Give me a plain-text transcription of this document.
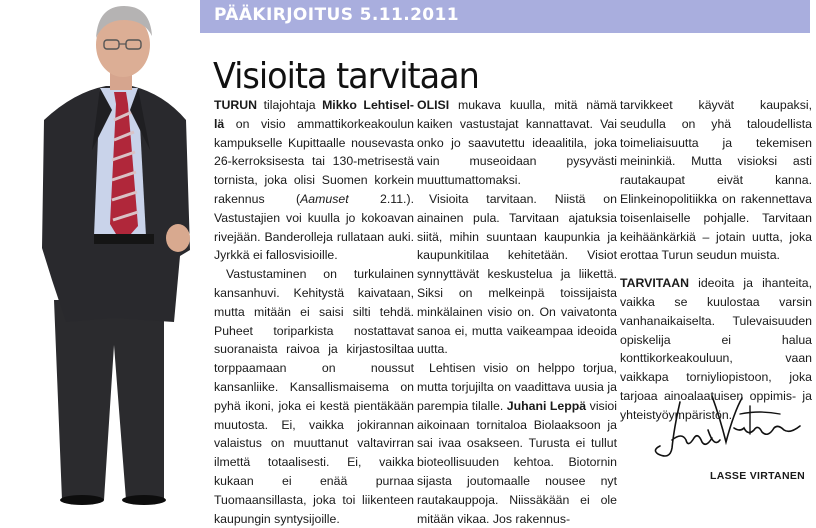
PÄÄKIRJOITUS 5.11.2011
Visioita tarvitaan

TURUN tilajohtaja Mikko Lehtisel-lä on visio ammattikorkeakoulun kampukselle Kupittaalle nousevasta 26-kerroksisesta tai 130-metrisestä tornista, joka olisi Suomen korkein rakennus (Aamuset 2.11.). Vastustajien voi kuulla jo kokoavan rivejään. Banderolleja rullataan auki. Jyrkkä ei fallosvisioille.

Vastustaminen on turkulainen kansanhuvi. Kehitystä kaivataan, mutta mitään ei saisi silti tehdä. Puheet toriparkista nostattavat suoranaista raivoa ja kirjastosiltaa torppaamaan on noussut kansanliike. Kansallismaisema on pyhä ikoni, joka ei kestä pientäkään muutosta. Ei, vaikka jokirannan valaistus on muuttanut valtavirran ilmettä totaalisesti. Ei, vaikka kukaan ei enää purnaa Tuomaansillasta, joka toi liikenteen kaupungin syntysijoille.

OLISI mukava kuulla, mitä nämä kaiken vastustajat kannattavat. Vai onko jo saavutettu ideaalitila, joka vain museoidaan pysyvästi muuttumattomaksi.

Visioita tarvitaan. Niistä on ainainen pula. Tarvitaan ajatuksia siitä, mihin suuntaan kaupunkia ja kaupunkitilaa kehitetään. Visiot synnyttävät keskustelua ja liikettä. Siksi on melkeinpä toissijaista minkälainen visio on. On vaivatonta sanoa ei, mutta vaikeampaa ideoida uutta.

Lehtisen visio on helppo torjua, mutta torjujilta on vaadittava uusia ja parempia tilalle. Juhani Leppä visioi aikoinaan tornitaloa Biolaaksoon ja sai ivaa osakseen. Turusta ei tullut bioteollisuuden kehtoa. Biotornin sijasta joutomaalle nousee nyt rautakauppoja. Niissäkään ei ole mitään vikaa. Jos rakennus-

tarvikkeet käyvät kaupaksi, seudulla on yhä taloudellista toimeliaisuutta ja tekemisen meininkiä. Mutta visioksi asti rautakaupat eivät kanna. Elinkeinopolitiikka on rakennettava toisenlaiselle pohjalle. Tarvitaan keihäänkärkiä – jotain uutta, joka erottaa Turun seudun muista.

TARVITAAN ideoita ja ihanteita, vaikka se kuulostaa varsin vanhanaikaiselta. Tulevaisuuden opiskelija ei halua konttikorkeakouluun, vaan vaikkapa torniyliopistoon, joka tarjoaa ainoalaatuisen oppimis- ja yhteistyöympäristön.

LASSE VIRTANEN
